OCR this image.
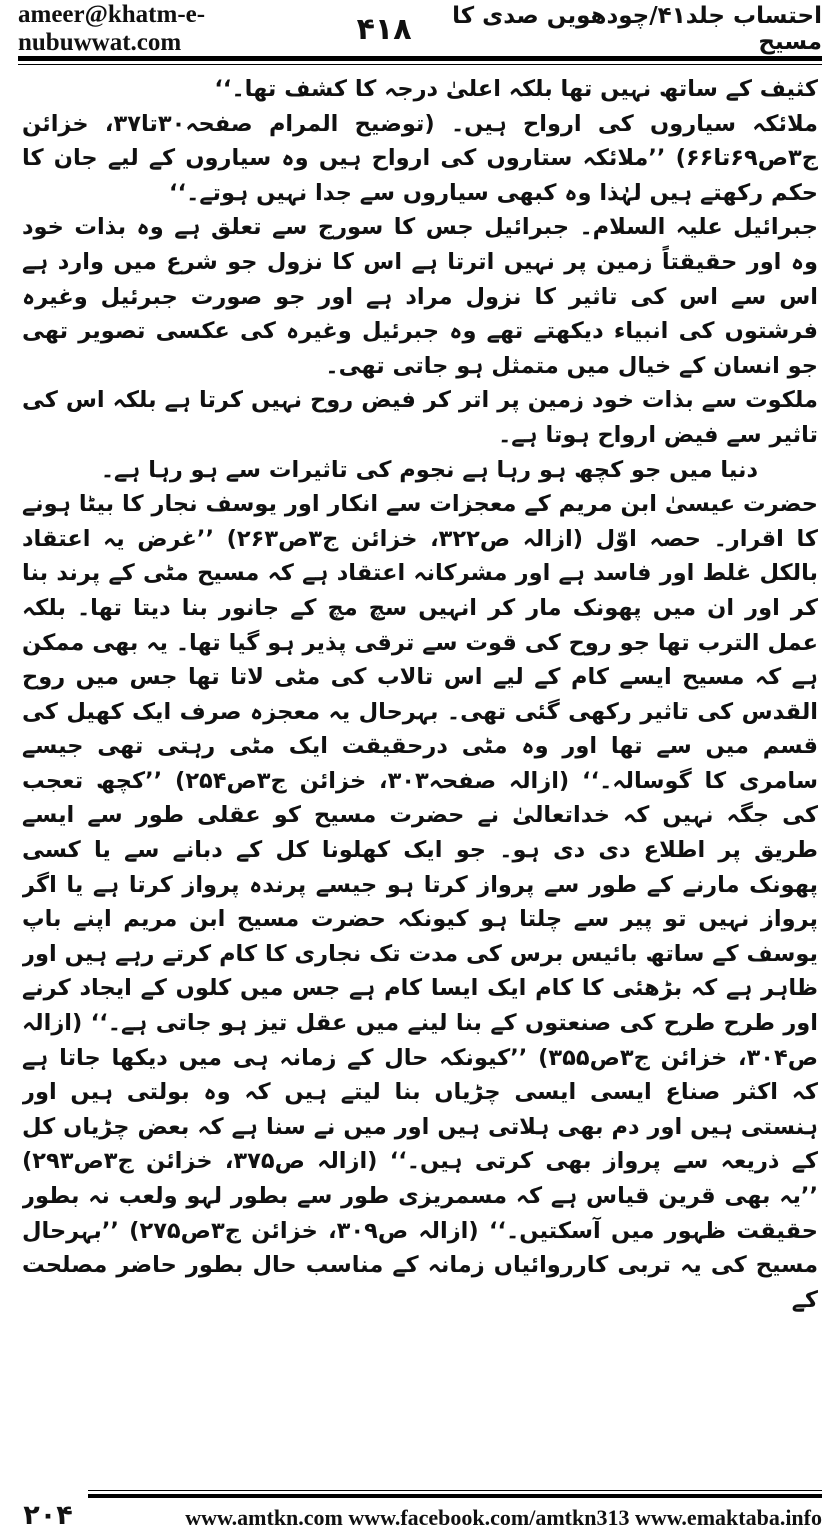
ameer@khatm-e-nubuwwat.com	۴۱۸	احتساب جلد۴۱/چودھویں صدی کا مسیح

کثیف کے ساتھ نہیں تھا بلکہ اعلیٰ درجہ کا کشف تھا۔‘‘

ملائکہ سیاروں کی ارواح ہیں۔ (توضیح المرام صفحہ۳۰تا۳۷، خزائن ج۳ص۶۹تا۶۶) ’’ملائکہ ستاروں کی ارواح ہیں وہ سیاروں کے لیے جان کا حکم رکھتے ہیں لہٰذا وہ کبھی سیاروں سے جدا نہیں ہوتے۔‘‘

جبرائیل علیہ السلام۔ جبرائیل جس کا سورج سے تعلق ہے وہ بذات خود وہ اور حقیقتاً زمین پر نہیں اترتا ہے اس کا نزول جو شرع میں وارد ہے اس سے اس کی تاثیر کا نزول مراد ہے اور جو صورت جبرئیل وغیرہ فرشتوں کی انبیاء دیکھتے تھے وہ جبرئیل وغیرہ کی عکسی تصویر تھی جو انسان کے خیال میں متمثل ہو جاتی تھی۔

ملکوت سے بذات خود زمین پر اتر کر فیض روح نہیں کرتا ہے بلکہ اس کی تاثیر سے فیض ارواح ہوتا ہے۔

دنیا میں جو کچھ ہو رہا ہے نجوم کی تاثیرات سے ہو رہا ہے۔

حضرت عیسیٰ ابن مریم کے معجزات سے انکار اور یوسف نجار کا بیٹا ہونے کا اقرار۔ حصہ اوّل (ازالہ ص۳۲۲، خزائن ج۳ص۲۶۳) ’’غرض یہ اعتقاد بالکل غلط اور فاسد ہے اور مشرکانہ اعتقاد ہے کہ مسیح مٹی کے پرند بنا کر اور ان میں پھونک مار کر انہیں سچ مچ کے جانور بنا دیتا تھا۔ بلکہ عمل الترب تھا جو روح کی قوت سے ترقی پذیر ہو گیا تھا۔ یہ بھی ممکن ہے کہ مسیح ایسے کام کے لیے اس تالاب کی مٹی لاتا تھا جس میں روح القدس کی تاثیر رکھی گئی تھی۔ بہرحال یہ معجزہ صرف ایک کھیل کی قسم میں سے تھا اور وہ مٹی درحقیقت ایک مٹی رہتی تھی جیسے سامری کا گوسالہ۔‘‘ (ازالہ صفحہ۳۰۳، خزائن ج۳ص۲۵۴) ’’کچھ تعجب کی جگہ نہیں کہ خداتعالیٰ نے حضرت مسیح کو عقلی طور سے ایسے طریق پر اطلاع دی دی ہو۔ جو ایک کھلونا کل کے دبانے سے یا کسی پھونک مارنے کے طور سے پرواز کرتا ہو جیسے پرندہ پرواز کرتا ہے یا اگر پرواز نہیں تو پیر سے چلتا ہو کیونکہ حضرت مسیح ابن مریم اپنے باپ یوسف کے ساتھ بائیس برس کی مدت تک نجاری کا کام کرتے رہے ہیں اور ظاہر ہے کہ بڑھئی کا کام ایک ایسا کام ہے جس میں کلوں کے ایجاد کرنے اور طرح طرح کی صنعتوں کے بنا لینے میں عقل تیز ہو جاتی ہے۔‘‘ (ازالہ ص۳۰۴، خزائن ج۳ص۳۵۵) ’’کیونکہ حال کے زمانہ ہی میں دیکھا جاتا ہے کہ اکثر صناع ایسی ایسی چڑیاں بنا لیتے ہیں کہ وہ بولتی ہیں اور ہنستی ہیں اور دم بھی ہلاتی ہیں اور میں نے سنا ہے کہ بعض چڑیاں کل کے ذریعہ سے پرواز بھی کرتی ہیں۔‘‘ (ازالہ ص۳۷۵، خزائن ج۳ص۲۹۳) ’’یہ بھی قرین قیاس ہے کہ مسمریزی طور سے بطور لہو ولعب نہ بطور حقیقت ظہور میں آسکتیں۔‘‘ (ازالہ ص۳۰۹، خزائن ج۳ص۲۷۵) ’’بہرحال مسیح کی یہ تربی کارروائیاں زمانہ کے مناسب حال بطور حاضر مصلحت کے

۲۰۴	www.amtkn.com www.facebook.com/amtkn313 www.emaktaba.info
